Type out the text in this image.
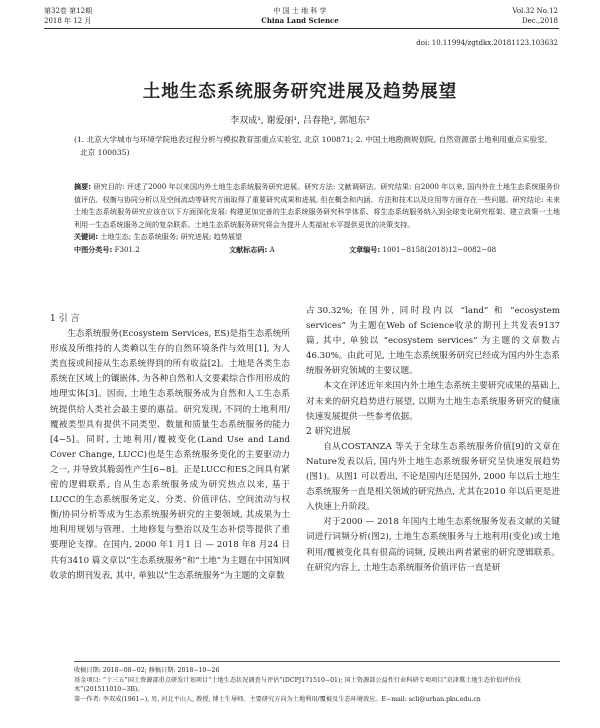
第32卷 第12期
2018 年 12 月
中 国 土 地 科 学
China Land Science
Vol.32 No.12
Dec.,2018
doi: 10.11994/zgtdkx.20181123.103632
土地生态系统服务研究进展及趋势展望
李双成¹, 谢爱丽¹, 吕春艳², 郭旭东²
(1. 北京大学城市与环境学院地表过程分析与模拟教育部重点实验室, 北京 100871; 2. 中国土地勘测规划院, 自然资源部土地利用重点实验室, 北京 100035)
摘要: 研究目的: 评述了2000 年以来国内外土地生态系统服务研究进展。研究方法: 文献调研法。研究结果: 自2000 年以来, 国内外在土地生态系统服务价值评估、权衡与协同分析以及空间流动等研究方面取得了重要研究成果和进展, 但在概念和内涵、方法和技术以及应用等方面存在一些问题。研究结论: 未来土地生态系统服务研究应该在以下方面深化发展: 构建更加完善的生态系统服务研究科学体系、将生态系统服务纳入到全球变化研究框架、建立政策一土地利用一生态系统服务之间的复杂联系。土地生态系统服务研究将会为提升人类福祉水平提供更优的决策支持。
关键词: 土地生态; 生态系统服务; 研究进展; 趋势展望
中图分类号: F301.2	文献标志码: A	文章编号: 1001−8158(2018)12−0082−08

1 引 言

生态系统服务(Ecosystem Services, ES)是指生态系统所形成及所维持的人类赖以生存的自然环境条件与效用[1], 为人类直接或间接从生态系统得到的所有收益[2]。土地是各类生态系统在区域上的镶嵌体, 为各种自然和人文要素综合作用形成的地理实体[3]。因而, 土地生态系统服务成为自然和人工生态系统提供给人类社会最主要的惠益。研究发现, 不同的土地利用/覆被类型具有提供不同类型、数量和质量生态系统服务的能力[4−5]。同时, 土地利用/覆被变化(Land Use and Land Cover Change, LUCC)也是生态系统服务变化的主要驱动力之一, 并导致其脆弱性产生[6−8]。正是LUCC和ES之间具有紧密的逻辑联系, 自从生态系统服务成为研究热点以来, 基于LUCC的生态系统服务定义、分类、价值评估、空间流动与权衡/协同分析等成为生态系统服务研究的主要领域, 其成果为土地利用规划与管理、土地修复与整治以及生态补偿等提供了重要理论支撑。在国内, 2000 年1 月1 日 — 2018 年8 月24 日共有3410 篇文章以“生态系统服务”和“土地”为主题在中国知网收录的期刊发表, 其中, 单独以“生态系统服务”为主题的文章数

占30.32%; 在国外, 同时段内以 “land” 和 “ecosystem services” 为主题在Web of Science收录的期刊上共发表9137篇, 其中, 单独以 “ecosystem services” 为主题的文章数占46.30%。由此可见, 土地生态系统服务研究已经成为国内外生态系统服务研究领域的主要议题。

本文在评述近年来国内外土地生态系统主要研究成果的基础上, 对未来的研究趋势进行展望, 以期为土地生态系统服务研究的健康快速发展提供一些参考依据。

2 研究进展

自从COSTANZA 等关于全球生态系统服务价值[9]的文章在Nature发表以后, 国内外土地生态系统服务研究呈快速发展趋势(图1)。从图1 可以看出, 不论是国内还是国外, 2000 年以后土地生态系统服务一直是相关领域的研究热点, 尤其在2010 年以后更是进入快速上升阶段。

对于2000 — 2018 年国内土地生态系统服务发表文献的关键词进行词频分析(图2), 土地生态系统服务与土地利用(变化)或土地利用/覆被变化具有很高的词频, 反映出两者紧密的研究逻辑联系。在研究内容上, 土地生态系统服务价值评估一直是研

收稿日期: 2018−08−02; 修稿日期: 2018−10−26
基金项目: “十三五”国土资源部重点研发计划项目“土地生态状况调查与评估”(DCPJ171510−01); 国土资源部公益性行业科研专项项目“京津冀土地生态价值评价技术”(201511010−3B)。
第一作者: 李双成(1961−), 男, 河北平山人, 教授, 博士生导师。主要研究方向为土地利用/覆被及生态环境效应。E−mail: scli@urban.pku.edu.cn
